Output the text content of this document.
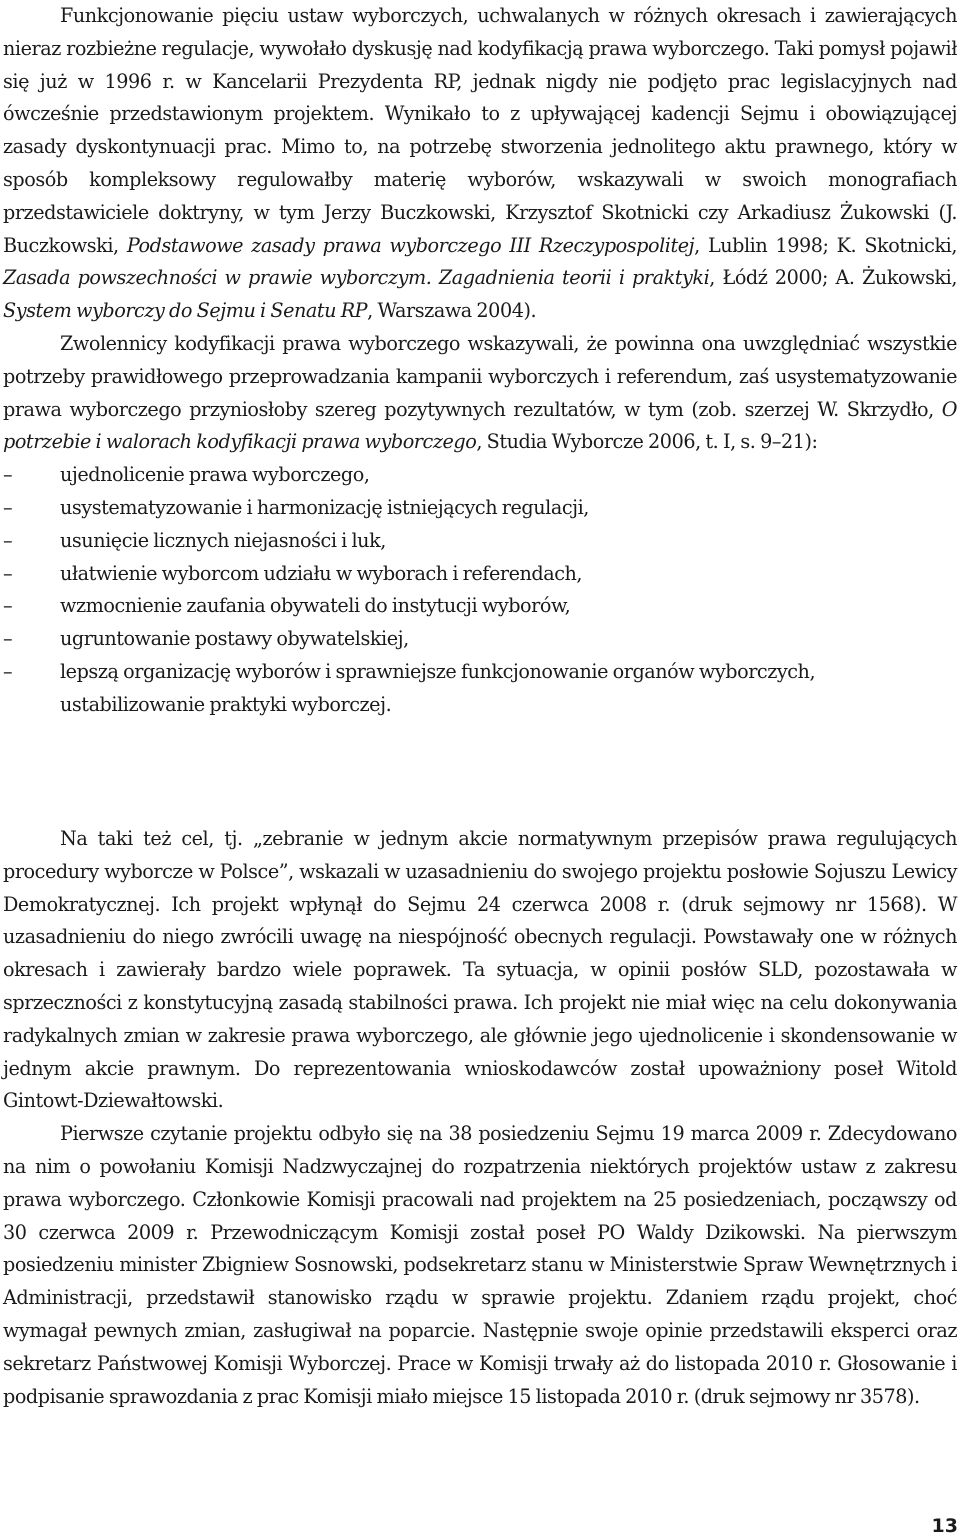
Funkcjonowanie pięciu ustaw wyborczych, uchwalanych w różnych okresach i zawierających nieraz rozbieżne regulacje, wywołało dyskusję nad kodyfikacją prawa wyborczego. Taki pomysł pojawił się już w 1996 r. w Kancelarii Prezydenta RP, jednak nigdy nie podjęto prac legislacyjnych nad ówcześnie przedstawionym projektem. Wynikało to z upływającej kadencji Sejmu i obowiązującej zasady dyskontynuacji prac. Mimo to, na potrzebę stworzenia jednolitego aktu prawnego, który w sposób kompleksowy regulowałby materię wyborów, wskazywali w swoich monografiach przedstawiciele doktryny, w tym Jerzy Buczkowski, Krzysztof Skotnicki czy Arkadiusz Żukowski (J. Buczkowski, Podstawowe zasady prawa wyborczego III Rzeczypospolitej, Lublin 1998; K. Skotnicki, Zasada powszechności w prawie wyborczym. Zagadnienia teorii i praktyki, Łódź 2000; A. Żukowski, System wyborczy do Sejmu i Senatu RP, Warszawa 2004).

Zwolennicy kodyfikacji prawa wyborczego wskazywali, że powinna ona uwzględniać wszystkie potrzeby prawidłowego przeprowadzania kampanii wyborczych i referendum, zaś usystematyzowanie prawa wyborczego przyniosłoby szereg pozytywnych rezultatów, w tym (zob. szerzej W. Skrzydło, O potrzebie i walorach kodyfikacji prawa wyborczego, Studia Wyborcze 2006, t. I, s. 9–21):

–	ujednolicenie prawa wyborczego,
–	usystematyzowanie i harmonizację istniejących regulacji,
–	usunięcie licznych niejasności i luk,
–	ułatwienie wyborcom udziału w wyborach i referendach,
–	wzmocnienie zaufania obywateli do instytucji wyborów,
–	ugruntowanie postawy obywatelskiej,
–	lepszą organizację wyborów i sprawniejsze funkcjonowanie organów wyborczych, ustabilizowanie praktyki wyborczej.

Na taki też cel, tj. „zebranie w jednym akcie normatywnym przepisów prawa regulujących procedury wyborcze w Polsce”, wskazali w uzasadnieniu do swojego projektu posłowie Sojuszu Lewicy Demokratycznej. Ich projekt wpłynął do Sejmu 24 czerwca 2008 r. (druk sejmowy nr 1568). W uzasadnieniu do niego zwrócili uwagę na niespójność obecnych regulacji. Powstawały one w różnych okresach i zawierały bardzo wiele poprawek. Ta sytuacja, w opinii posłów SLD, pozostawała w sprzeczności z konstytucyjną zasadą stabilności prawa. Ich projekt nie miał więc na celu dokonywania radykalnych zmian w zakresie prawa wyborczego, ale głównie jego ujednolicenie i skondensowanie w jednym akcie prawnym. Do reprezentowania wnioskodawców został upoważniony poseł Witold Gintowt-Dziewałtowski.

Pierwsze czytanie projektu odbyło się na 38 posiedzeniu Sejmu 19 marca 2009 r. Zdecydowano na nim o powołaniu Komisji Nadzwyczajnej do rozpatrzenia niektórych projektów ustaw z zakresu prawa wyborczego. Członkowie Komisji pracowali nad projektem na 25 posiedzeniach, począwszy od 30 czerwca 2009 r. Przewodniczącym Komisji został poseł PO Waldy Dzikowski. Na pierwszym posiedzeniu minister Zbigniew Sosnowski, podsekretarz stanu w Ministerstwie Spraw Wewnętrznych i Administracji, przedstawił stanowisko rządu w sprawie projektu. Zdaniem rządu projekt, choć wymagał pewnych zmian, zasługiwał na poparcie. Następnie swoje opinie przedstawili eksperci oraz sekretarz Państwowej Komisji Wyborczej. Prace w Komisji trwały aż do listopada 2010 r. Głosowanie i podpisanie sprawozdania z prac Komisji miało miejsce 15 listopada 2010 r. (druk sejmowy nr 3578).

13
